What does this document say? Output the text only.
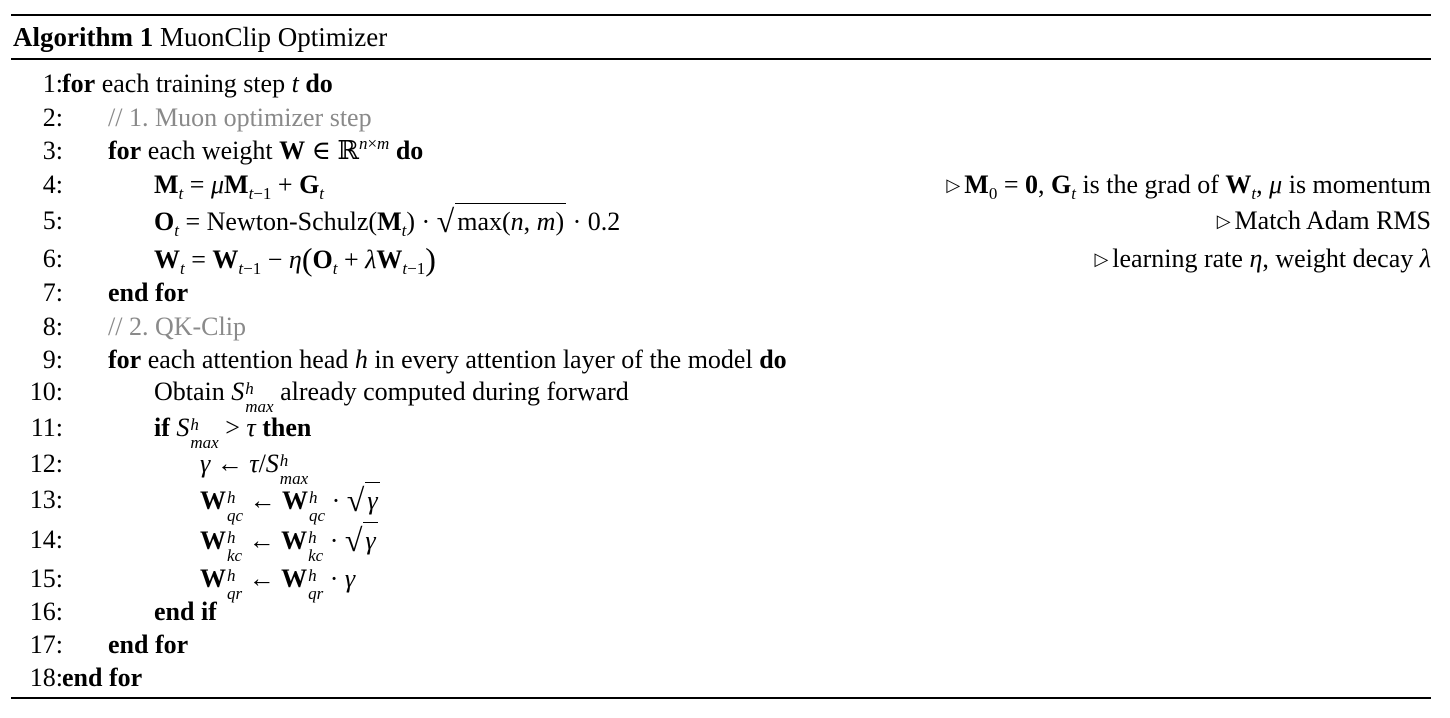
Algorithm 1 MuonClip Optimizer
1: for each training step t do
2: // 1. Muon optimizer step
3: for each weight W ∈ ℝ$^{n\times m}$ do
4:	$M_t = \mu M_{t-1} + G_t$	▷ $M_0 = 0$, $G_t$ is the grad of $W_t$, μ is momentum
5:	$O_t$ = Newton-$Schulz(M_t)$ · √ max(n, m) · 0.2	▷ Match Adam RMS
6:	$W_t = W_{t-1} - \eta(O_t + \lambda W_{t-1})$	▷ learning rate η, weight decay λ
7: end for
8: // 2. QK-Clip
9: for each attention head h in every attention layer of the model do
10:	Obtain S h
max
already computed during forward
11:	if S h
max
> τ then
12:	γ ← τ/S h
max
13:	W h
qc
← W h
qc
· √ γ
14:	W h
kc
← W h
kc
· √ γ
15:	W h
qr
← W h
qr
· γ
16:	end if
17: end for
18: end for
